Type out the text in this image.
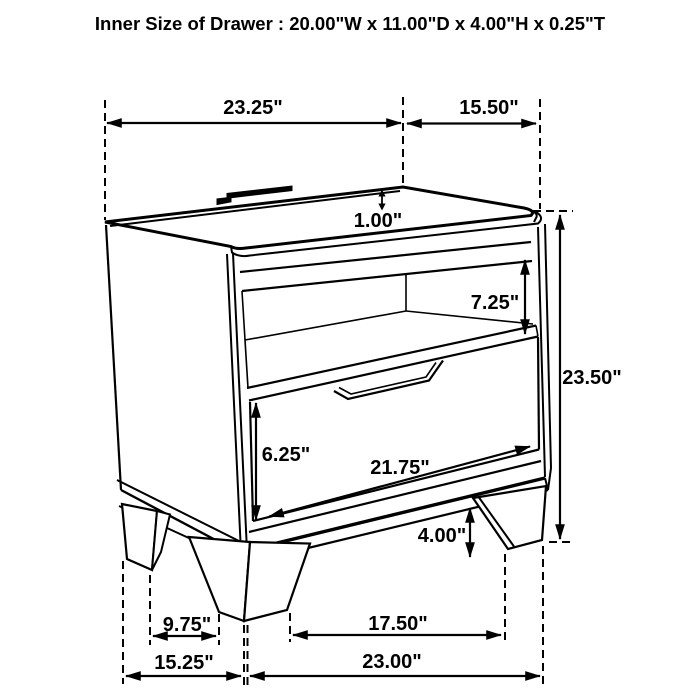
Inner Size of Drawer : 20.00"W x 11.00"D x 4.00"H x 0.25"T
23.25"	15.50"
1.00"
7.25"
23.50"
6.25"
21.75"
4.00"
9.75"	17.50"
15.25"	23.00"
